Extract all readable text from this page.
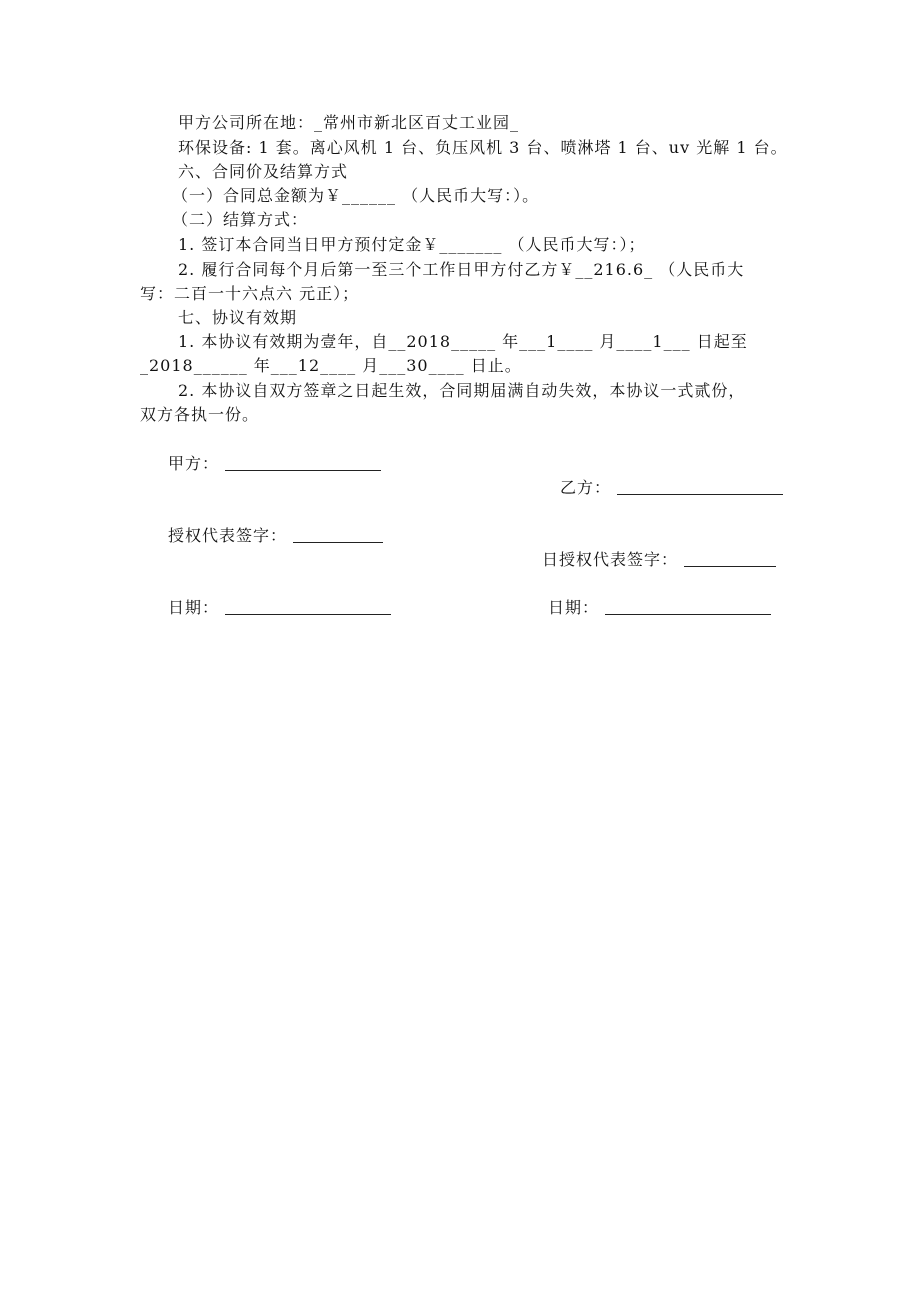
甲方公司所在地：_常州市新北区百丈工业园_
环保设备: 1 套。离心风机 1 台、负压风机 3 台、喷淋塔 1 台、uv 光解 1 台。
六、合同价及结算方式
（一）合同总金额为￥______ （人民币大写：）。
（二）结算方式：
1. 签订本合同当日甲方预付定金￥_______ （人民币大写：）；
2. 履行合同每个月后第一至三个工作日甲方付乙方￥__216.6_ （人民币大
写：二百一十六点六 元正）；
七、协议有效期
1. 本协议有效期为壹年，自__2018_____ 年___1____ 月____1___ 日起至
_2018______ 年___12____ 月___30____ 日止。
2. 本协议自双方签章之日起生效，合同期届满自动失效，本协议一式贰份，
双方各执一份。
甲方：
乙方：
授权代表签字：
日授权代表签字：
日期：	日期：
